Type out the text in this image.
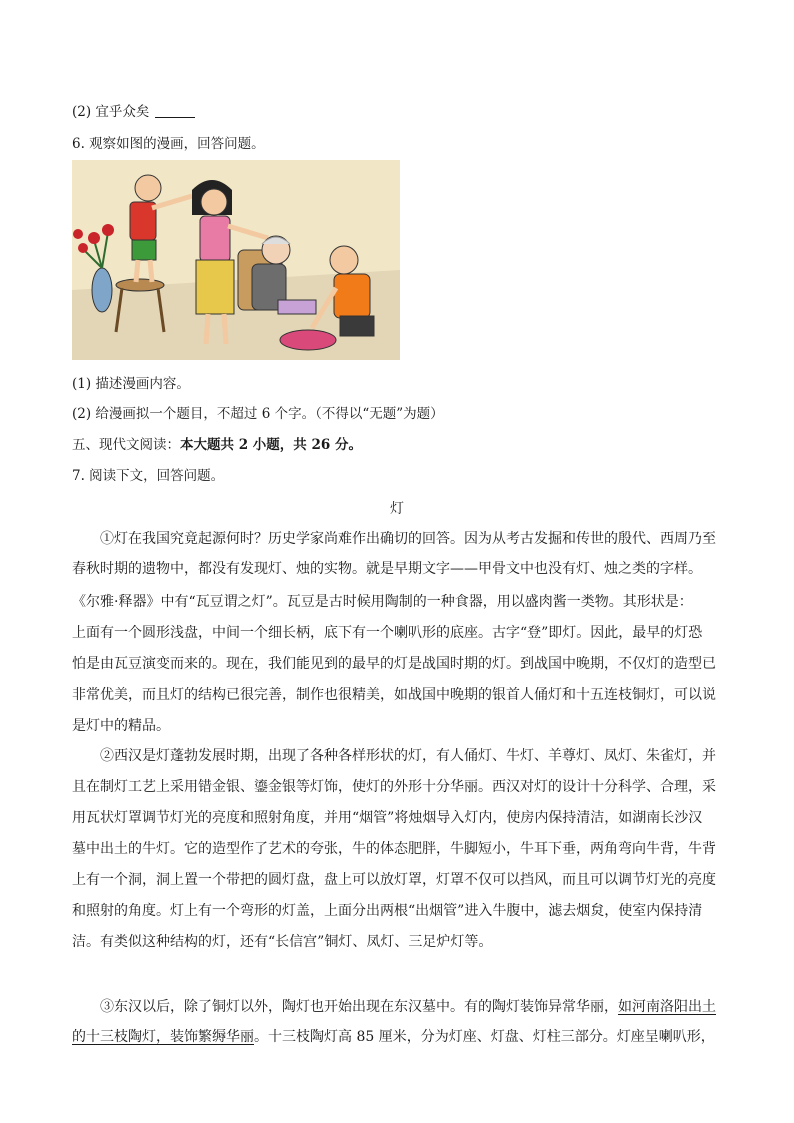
(2) 宜乎众矣
6. 观察如图的漫画，回答问题。
(1) 描述漫画内容。
(2) 给漫画拟一个题目，不超过 6 个字。（不得以“无题”为题）
五、现代文阅读：本大题共 2 小题，共 26 分。
7. 阅读下文，回答问题。
灯
　　①灯在我国究竟起源何时？历史学家尚难作出确切的回答。因为从考古发掘和传世的殷代、西周乃至
春秋时期的遗物中，都没有发现灯、烛的实物。就是早期文字——甲骨文中也没有灯、烛之类的字样。
《尔雅·释器》中有“瓦豆谓之灯”。瓦豆是古时候用陶制的一种食器，用以盛肉酱一类物。其形状是：
上面有一个圆形浅盘，中间一个细长柄，底下有一个喇叭形的底座。古字“登”即灯。因此，最早的灯恐
怕是由瓦豆演变而来的。现在，我们能见到的最早的灯是战国时期的灯。到战国中晚期，不仅灯的造型已
非常优美，而且灯的结构已很完善，制作也很精美，如战国中晚期的银首人俑灯和十五连枝铜灯，可以说
是灯中的精品。
　　②西汉是灯蓬勃发展时期，出现了各种各样形状的灯，有人俑灯、牛灯、羊尊灯、凤灯、朱雀灯，并
且在制灯工艺上采用错金银、鎏金银等灯饰，使灯的外形十分华丽。西汉对灯的设计十分科学、合理，采
用瓦状灯罩调节灯光的亮度和照射角度，并用“烟管”将烛烟导入灯内，使房内保持清洁，如湖南长沙汉
墓中出土的牛灯。它的造型作了艺术的夸张，牛的体态肥胖，牛脚短小，牛耳下垂，两角弯向牛背，牛背
上有一个洞，洞上置一个带把的圆灯盘，盘上可以放灯罩，灯罩不仅可以挡风，而且可以调节灯光的亮度
和照射的角度。灯上有一个弯形的灯盖，上面分出两根“出烟管”进入牛腹中，滤去烟炱，使室内保持清
洁。有类似这种结构的灯，还有“长信宫”铜灯、凤灯、三足炉灯等。
　　③东汉以后，除了铜灯以外，陶灯也开始出现在东汉墓中。有的陶灯装饰异常华丽，如河南洛阳出土
的十三枝陶灯，装饰繁缛华丽。十三枝陶灯高 85 厘米，分为灯座、灯盘、灯柱三部分。灯座呈喇叭形，
